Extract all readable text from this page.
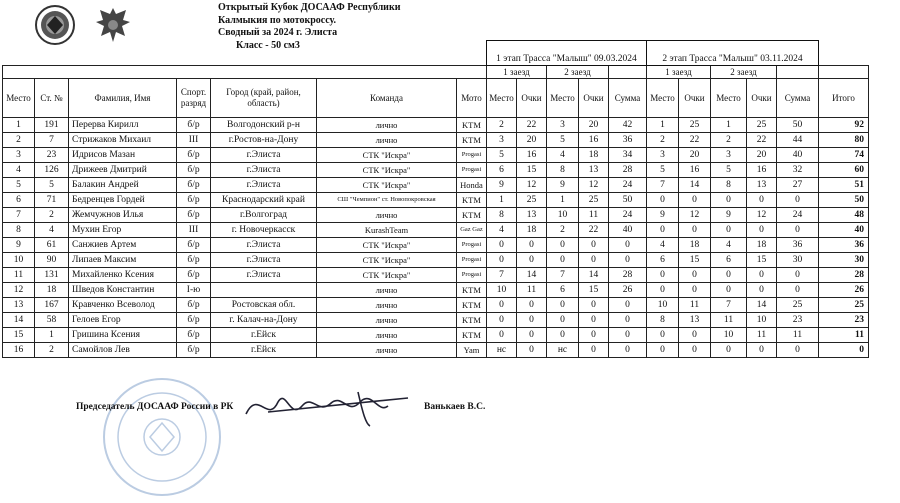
Открытый Кубок ДОСААФ Республики
Калмыкия по мотокроссу.
Сводный за 2024 г. Элиста
Класс - 50 см3
							1 этап Трасса "Малыш" 09.03.2024					2 этап Трасса "Малыш" 03.11.2024					
							1 заезд		2 заезд			1 заезд		2 заезд			
Место	Ст. №	Фамилия, Имя	Спорт. разряд	Город (край, район, область)	Команда	Мото	Место	Очки	Место	Очки	Сумма	Место	Очки	Место	Очки	Сумма	Итого
1	191	Перерва Кирилл	б/р	Волгодонский р-н	лично	KTM	2	22	3	20	42	1	25	1	25	50	92
2	7	Стрижаков Михаил	III	г.Ростов-на-Дону	лично	KTM	3	20	5	16	36	2	22	2	22	44	80
3	23	Идрисов Мазан	б/р	г.Элиста	СТК "Искра"	Progasi	5	16	4	18	34	3	20	3	20	40	74
4	126	Дрижеев Дмитрий	б/р	г.Элиста	СТК "Искра"	Progasi	6	15	8	13	28	5	16	5	16	32	60
5	5	Балакин Андрей	б/р	г.Элиста	СТК "Искра"	Honda	9	12	9	12	24	7	14	8	13	27	51
6	71	Бедренцев Гордей	б/р	Краснодарский край	СШ "Чемпион" ст. Новопокровская	KTM	1	25	1	25	50	0	0	0	0	0	50
7	2	Жемчужнов Илья	б/р	г.Волгоград	лично	KTM	8	13	10	11	24	9	12	9	12	24	48
8	4	Мухин Егор	III	г. Новочеркасск	KurashTeam	Gaz Gaz	4	18	2	22	40	0	0	0	0	0	40
9	61	Санжиев Артем	б/р	г.Элиста	СТК "Искра"	Progasi	0	0	0	0	0	4	18	4	18	36	36
10	90	Липаев Максим	б/р	г.Элиста	СТК "Искра"	Progasi	0	0	0	0	0	6	15	6	15	30	30
11	131	Михайленко Ксения	б/р	г.Элиста	СТК "Искра"	Progasi	7	14	7	14	28	0	0	0	0	0	28
12	18	Шведов Константин	I-ю		лично	KTM	10	11	6	15	26	0	0	0	0	0	26
13	167	Кравченко Всеволод	б/р	Ростовская обл.	лично	KTM	0	0	0	0	0	10	11	7	14	25	25
14	58	Гелоев Егор	б/р	г. Калач-на-Дону	лично	KTM	0	0	0	0	0	8	13	11	10	23	23
15	1	Гришина Ксения	б/р	г.Ейск	лично	KTM	0	0	0	0	0	0	0	10	11	11	11
16	2	Самойлов Лев	б/р	г.Ейск	лично	Yam	нс	0	нс	0	0	0	0	0	0	0	0
Председатель ДОСААФ России в РК	Ванькаев В.С.
